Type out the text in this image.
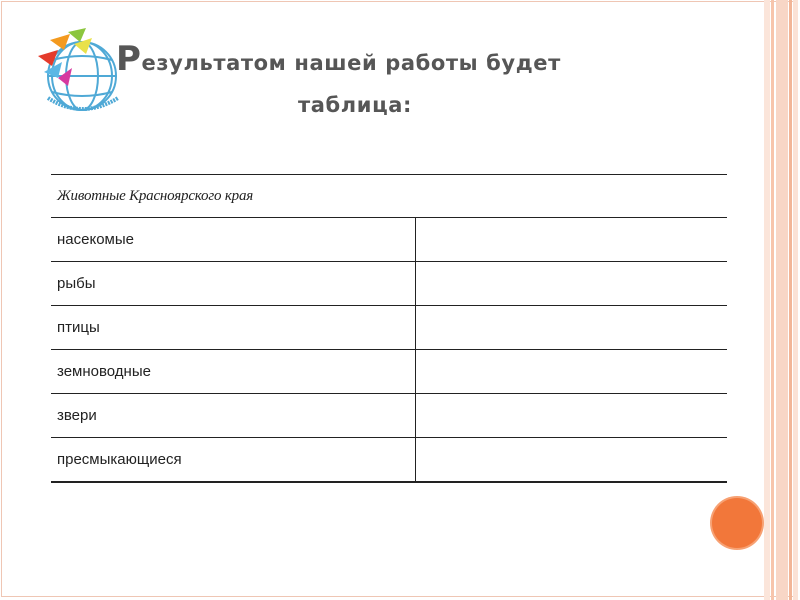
Результатом нашей работы будет
таблица:
Животные Красноярского края	
насекомые	
рыбы	
птицы	
земноводные	
звери	
пресмыкающиеся	
